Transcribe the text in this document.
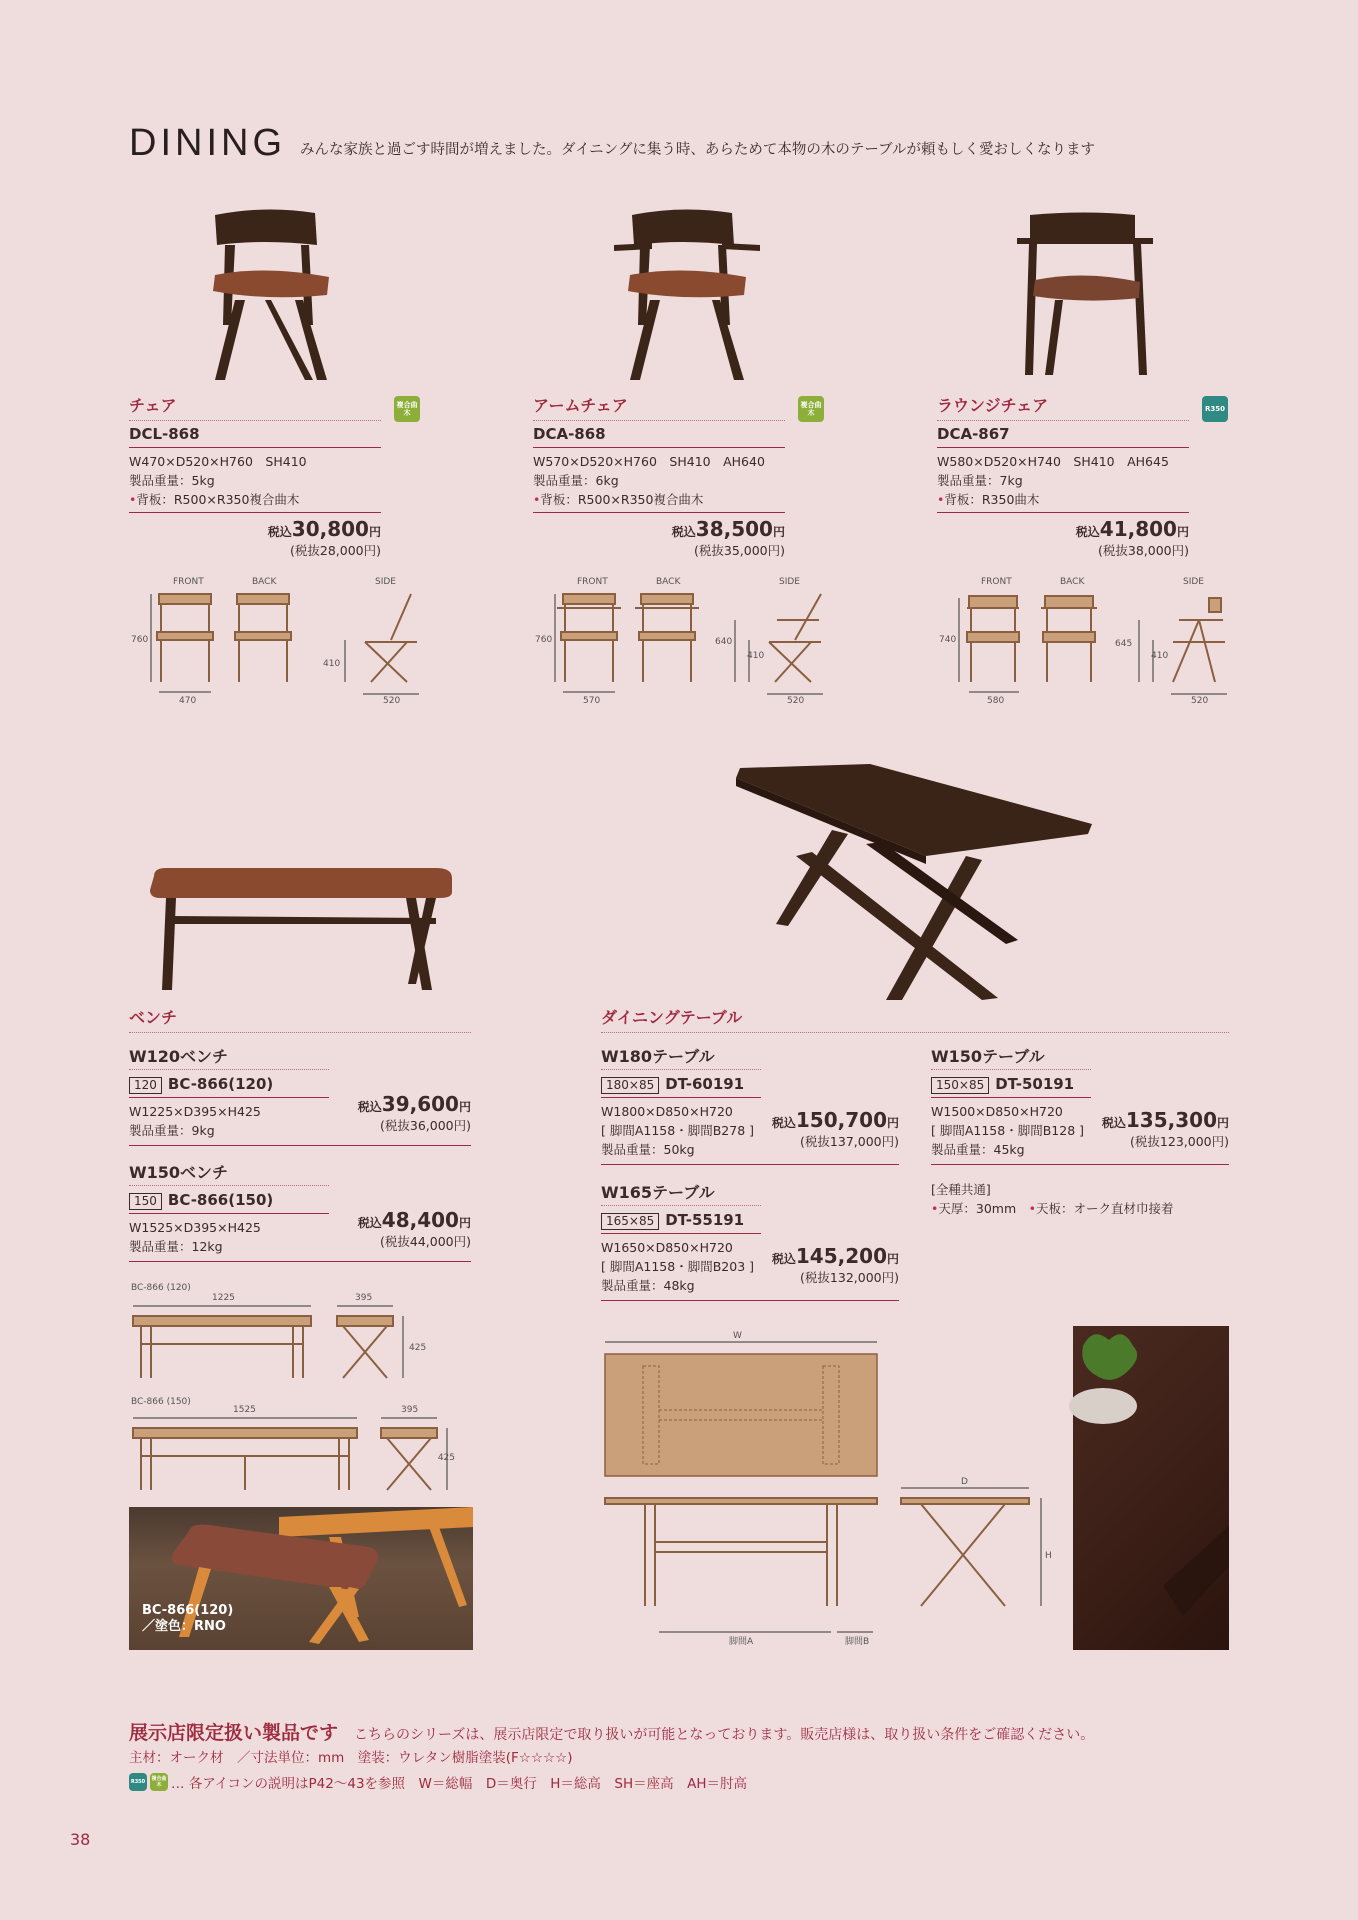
DINING みんな家族と過ごす時間が増えました。ダイニングに集う時、あらためて本物の木のテーブルが頼もしく愛おしくなります
チェア
DCL-868
W470×D520×H760　SH410
製品重量：5kg
•背板：R500×R350複合曲木
税込30,800円
(税抜28,000円)
複合曲木	アームチェア
DCA-868
W570×D520×H760　SH410　AH640
製品重量：6kg
•背板：R500×R350複合曲木
税込38,500円
(税抜35,000円)
複合曲木	ラウンジチェア
DCA-867
W580×D520×H740　SH410　AH645
製品重量：7kg
•背板：R350曲木
税込41,800円
(税抜38,000円)
R350
FRONT	BACK	SIDE
760
410
470	520
FRONT	BACK	SIDE
760	640
410
570	520
FRONT	BACK	SIDE
740	645
410
580	520
ベンチ
W120ベンチ
120 BC-866(120)
W1225×D395×H425
製品重量：9kg
税込39,600円
(税抜36,000円)
W150ベンチ
150 BC-866(150)
W1525×D395×H425
製品重量：12kg
税込48,400円
(税抜44,000円)
BC-866 (120)
1225	395
425
BC-866 (150)
1525	395
425
BC-866(120)
／塗色：RNO
ダイニングテーブル
W180テーブル
180×85 DT-60191
W1800×D850×H720
[ 脚間A1158・脚間B278 ]
製品重量：50kg
税込150,700円
(税抜137,000円)
W150テーブル
150×85 DT-50191
W1500×D850×H720
[ 脚間A1158・脚間B128 ]
製品重量：45kg
税込135,300円
(税抜123,000円)
[全種共通]
•天厚：30mm　 •天板：オーク直材巾接着
W165テーブル
165×85 DT-55191
W1650×D850×H720
[ 脚間A1158・脚間B203 ]
製品重量：48kg
税込145,200円
(税抜132,000円)
W
D
H
脚間A	脚間B
展示店限定扱い製品です　 こちらのシリーズは、展示店限定で取り扱いが可能となっております。販売店様は、取り扱い条件をご確認ください。
主材：オーク材　／寸法単位：mm　塗装：ウレタン樹脂塗装(F☆☆☆☆)
R350	複合曲木 … 各アイコンの説明はP42〜43を参照　W＝総幅　D＝奥行　H＝総高　SH＝座高　AH＝肘高
38
